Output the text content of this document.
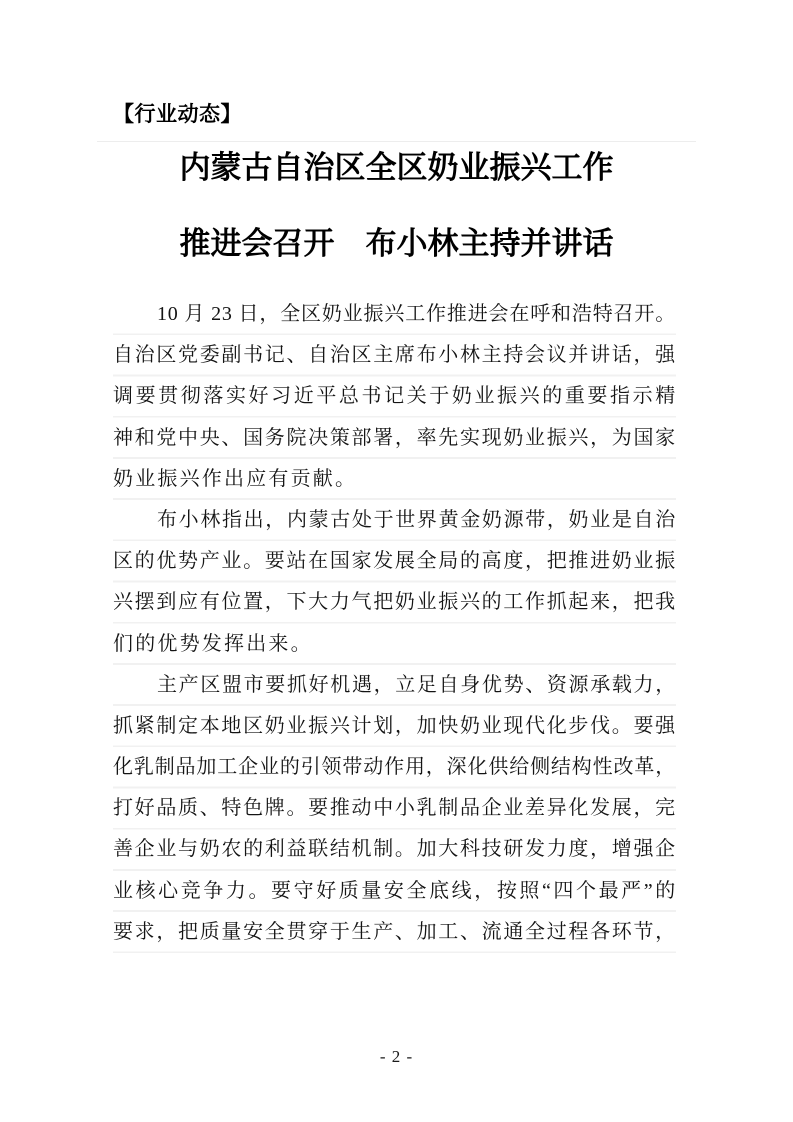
【行业动态】
内蒙古自治区全区奶业振兴工作
推进会召开　布小林主持并讲话
10 月 23 日，全区奶业振兴工作推进会在呼和浩特召开。
自治区党委副书记、自治区主席布小林主持会议并讲话，强
调要贯彻落实好习近平总书记关于奶业振兴的重要指示精
神和党中央、国务院决策部署，率先实现奶业振兴，为国家
奶业振兴作出应有贡献。
布小林指出，内蒙古处于世界黄金奶源带，奶业是自治
区的优势产业。要站在国家发展全局的高度，把推进奶业振
兴摆到应有位置，下大力气把奶业振兴的工作抓起来，把我
们的优势发挥出来。
主产区盟市要抓好机遇，立足自身优势、资源承载力，
抓紧制定本地区奶业振兴计划，加快奶业现代化步伐。要强
化乳制品加工企业的引领带动作用，深化供给侧结构性改革，
打好品质、特色牌。要推动中小乳制品企业差异化发展，完
善企业与奶农的利益联结机制。加大科技研发力度，增强企
业核心竞争力。要守好质量安全底线，按照“四个最严”的
要求，把质量安全贯穿于生产、加工、流通全过程各环节，
- 2 -
